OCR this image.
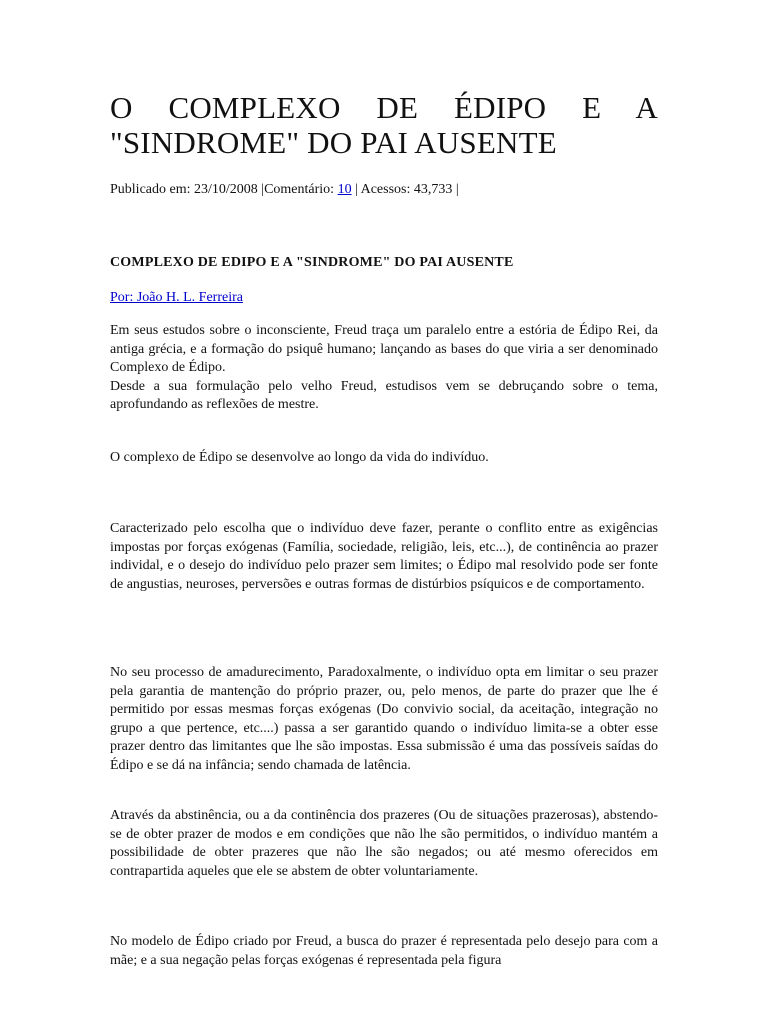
O COMPLEXO DE ÉDIPO E A
"SINDROME" DO PAI AUSENTE
Publicado em: 23/10/2008 |Comentário: 10 | Acessos: 43,733 |
COMPLEXO DE EDIPO E A "SINDROME" DO PAI AUSENTE
Por: João H. L. Ferreira

Em seus estudos sobre o inconsciente, Freud traça um paralelo entre a estória de Édipo Rei, da antiga grécia, e a formação do psiquê humano; lançando as bases do que viria a ser denominado Complexo de Édipo.

Desde a sua formulação pelo velho Freud, estudisos vem se debruçando sobre o tema, aprofundando as reflexões de mestre.

O complexo de Édipo se desenvolve ao longo da vida do indivíduo.

Caracterizado pelo escolha que o indivíduo deve fazer, perante o conflito entre as exigências impostas por forças exógenas (Família, sociedade, religião, leis, etc...), de continência ao prazer individal, e o desejo do indivíduo pelo prazer sem limites; o Édipo mal resolvido pode ser fonte de angustias, neuroses, perversões e outras formas de distúrbios psíquicos e de comportamento.

No seu processo de amadurecimento, Paradoxalmente, o indivíduo opta em limitar o seu prazer pela garantia de mantenção do próprio prazer, ou, pelo menos, de parte do prazer que lhe é permitido por essas mesmas forças exógenas (Do convivio social, da aceitação, integração no grupo a que pertence, etc....) passa a ser garantido quando o indivíduo limita-se a obter esse prazer dentro das limitantes que lhe são impostas. Essa submissão é uma das possíveis saídas do Édipo e se dá na infância; sendo chamada de latência.

Através da abstinência, ou a da continência dos prazeres (Ou de situações prazerosas), abstendo-se de obter prazer de modos e em condições que não lhe são permitidos, o indivíduo mantém a possibilidade de obter prazeres que não lhe são negados; ou até mesmo oferecidos em contrapartida aqueles que ele se abstem de obter voluntariamente.

No modelo de Édipo criado por Freud, a busca do prazer é representada pelo desejo para com a mãe; e a sua negação pelas forças exógenas é representada pela figura
